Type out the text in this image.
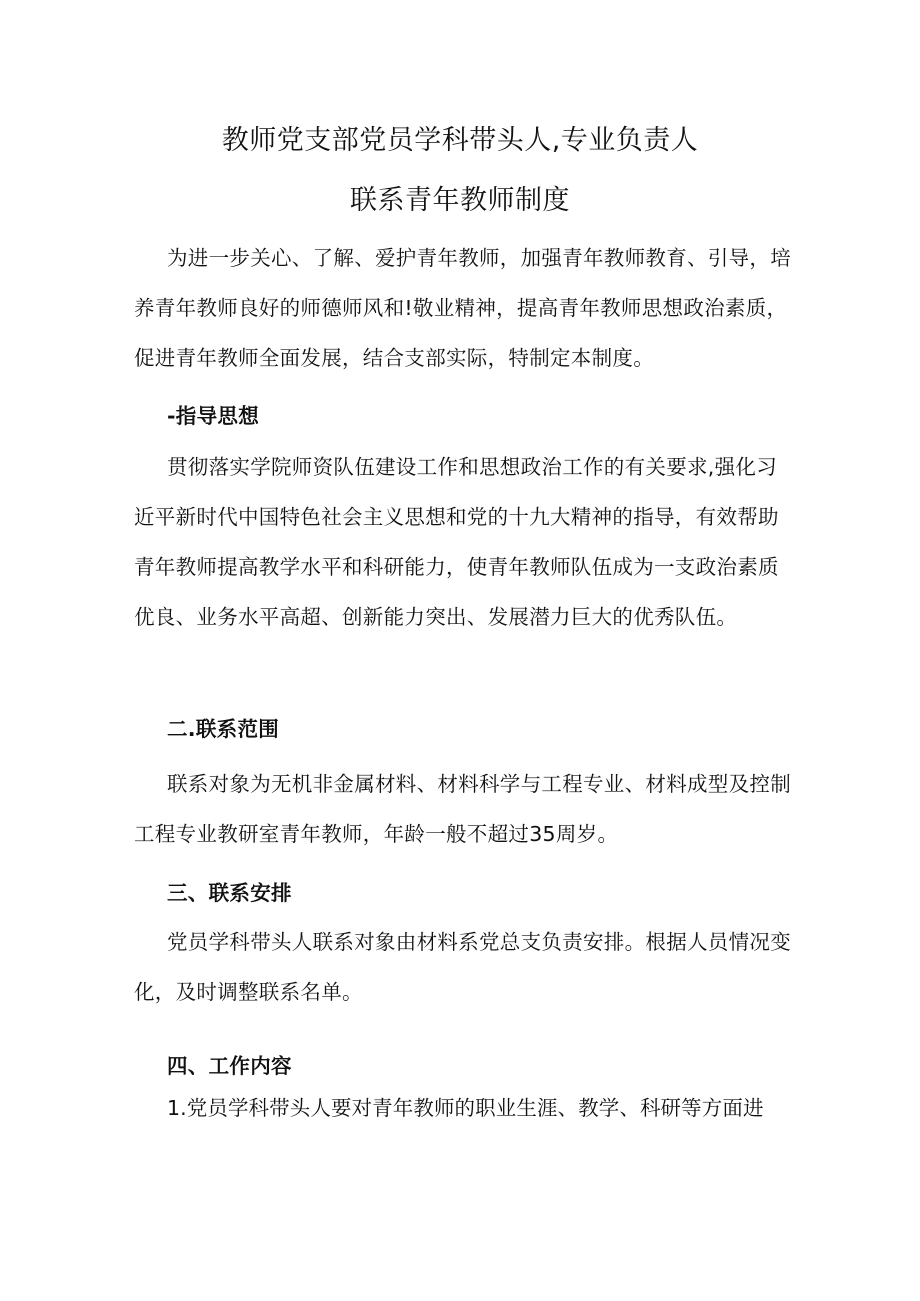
教师党支部党员学科带头人,专业负责人
联系青年教师制度

为进一步关心、了解、爱护青年教师，加强青年教师教育、引导，培养青年教师良好的师德师风和!敬业精神，提高青年教师思想政治素质，促进青年教师全面发展，结合支部实际，特制定本制度。

-指导思想

贯彻落实学院师资队伍建设工作和思想政治工作的有关要求,强化习近平新时代中国特色社会主义思想和党的十九大精神的指导，有效帮助青年教师提高教学水平和科研能力，使青年教师队伍成为一支政治素质优良、业务水平高超、创新能力突出、发展潜力巨大的优秀队伍。

二.联系范围

联系对象为无机非金属材料、材料科学与工程专业、材料成型及控制工程专业教研室青年教师，年龄一般不超过35周岁。

三、联系安排

党员学科带头人联系对象由材料系党总支负责安排。根据人员情况变化，及时调整联系名单。

四、工作内容

1.党员学科带头人要对青年教师的职业生涯、教学、科研等方面进
